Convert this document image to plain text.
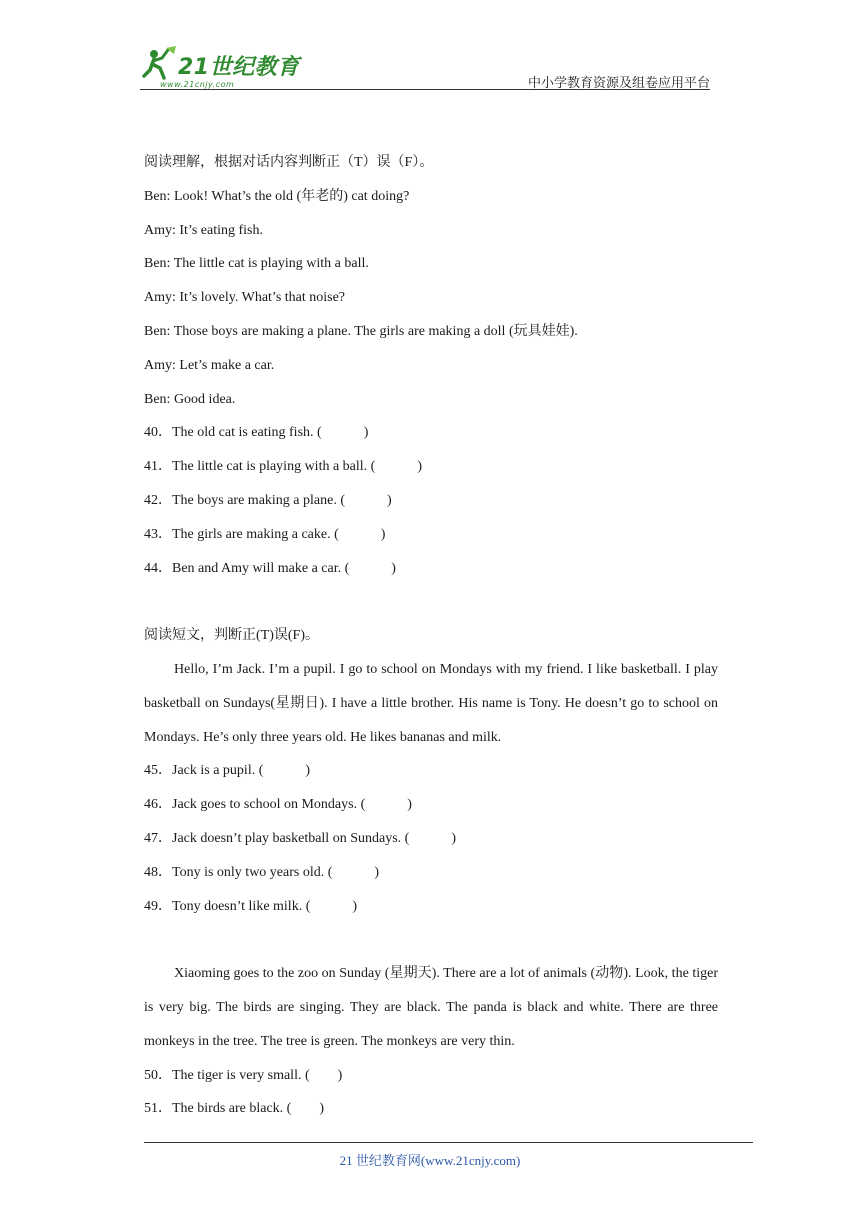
21世纪教育
www.21cnjy.com	中小学教育资源及组卷应用平台
阅读理解，根据对话内容判断正（T）误（F）。
Ben: Look! What’s the old (年老的) cat doing?
Amy: It’s eating fish.
Ben: The little cat is playing with a ball.
Amy: It’s lovely. What’s that noise?
Ben: Those boys are making a plane. The girls are making a doll (玩具娃娃).
Amy: Let’s make a car.
Ben: Good idea.
40．The old cat is eating fish. (	)
41．The little cat is playing with a ball. (	)
42．The boys are making a plane. (	)
43．The girls are making a cake. (	)
44．Ben and Amy will make a car. (	)
阅读短文，判断正(T)误(F)。
Hello, I’m Jack. I’m a pupil. I go to school on Mondays with my friend. I like basketball. I play basketball on Sundays(星期日). I have a little brother. His name is Tony. He doesn’t go to school on Mondays. He’s only three years old. He likes bananas and milk.
45．Jack is a pupil. (	)
46．Jack goes to school on Mondays. (	)
47．Jack doesn’t play basketball on Sundays. (	)
48．Tony is only two years old. (	)
49．Tony doesn’t like milk. (	)
Xiaoming goes to the zoo on Sunday (星期天). There are a lot of animals (动物). Look, the tiger is very big. The birds are singing. They are black. The panda is black and white. There are three monkeys in the tree. The tree is green. The monkeys are very thin.
50．The tiger is very small. ( )
51．The birds are black. ( )
21 世纪教育网(www.21cnjy.com)
